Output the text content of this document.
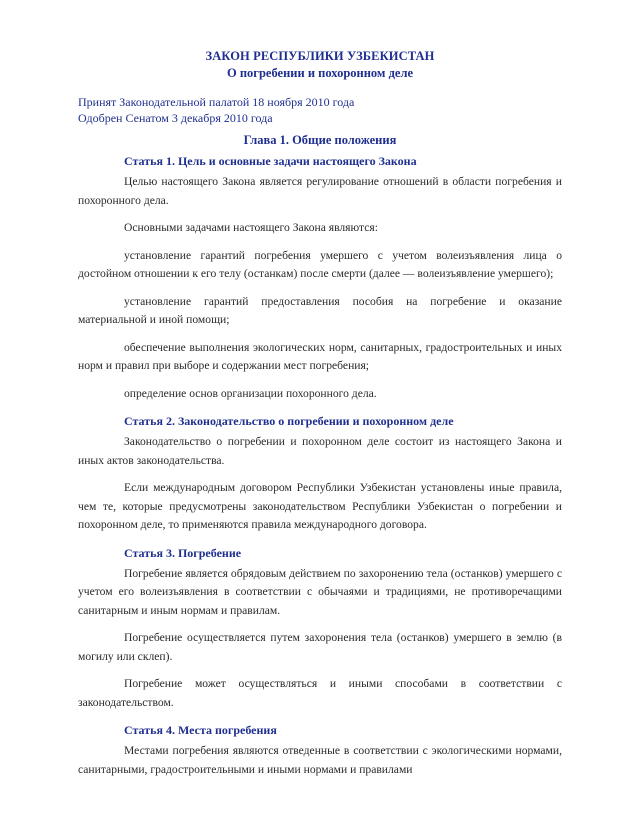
ЗАКОН РЕСПУБЛИКИ УЗБЕКИСТАН
О погребении и похоронном деле

Принят Законодательной палатой 18 ноября 2010 года

Одобрен Сенатом 3 декабря 2010 года

Глава 1. Общие положения
Статья 1. Цель и основные задачи настоящего Закона

Целью настоящего Закона является регулирование отношений в области погребения и похоронного дела.

Основными задачами настоящего Закона являются:

установление гарантий погребения умершего с учетом волеизъявления лица о достойном отношении к его телу (останкам) после смерти (далее — волеизъявление умершего);

установление гарантий предоставления пособия на погребение и оказание материальной и иной помощи;

обеспечение выполнения экологических норм, санитарных, градостроительных и иных норм и правил при выборе и содержании мест погребения;

определение основ организации похоронного дела.

Статья 2. Законодательство о погребении и похоронном деле

Законодательство о погребении и похоронном деле состоит из настоящего Закона и иных актов законодательства.

Если международным договором Республики Узбекистан установлены иные правила, чем те, которые предусмотрены законодательством Республики Узбекистан о погребении и похоронном деле, то применяются правила международного договора.

Статья 3. Погребение

Погребение является обрядовым действием по захоронению тела (останков) умершего с учетом его волеизъявления в соответствии с обычаями и традициями, не противоречащими санитарным и иным нормам и правилам.

Погребение осуществляется путем захоронения тела (останков) умершего в землю (в могилу или склеп).

Погребение может осуществляться и иными способами в соответствии с законодательством.

Статья 4. Места погребения

Местами погребения являются отведенные в соответствии с экологическими нормами, санитарными, градостроительными и иными нормами и правилами
